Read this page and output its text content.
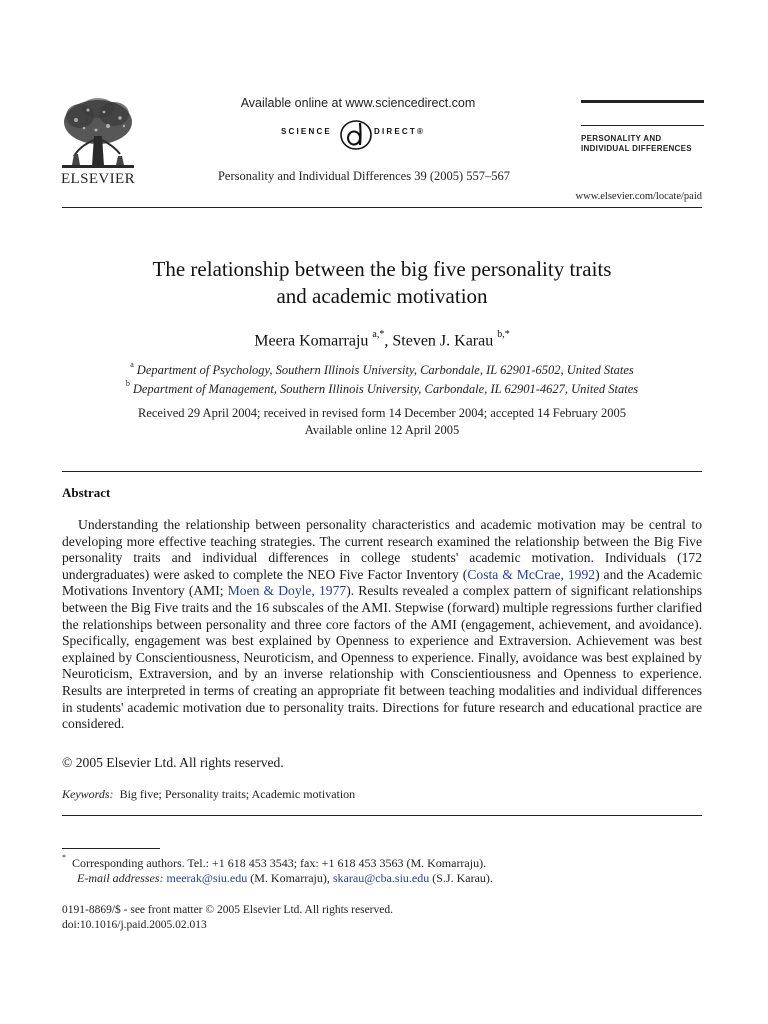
ELSEVIER
Available online at www.sciencedirect.com
SCIENCE	DIRECT®
Personality and Individual Differences 39 (2005) 557–567
PERSONALITY AND
INDIVIDUAL DIFFERENCES
www.elsevier.com/locate/paid
The relationship between the big five personality traits
and academic motivation
Meera Komarraju $^{a,*}$, Steven J. Karau $^{b,*}$
$^a$ Department of Psychology, Southern Illinois University, Carbondale, IL 62901-6502, United States
$^b$ Department of Management, Southern Illinois University, Carbondale, IL 62901-4627, United States
Received 29 April 2004; received in revised form 14 December 2004; accepted 14 February 2005
Available online 12 April 2005
Abstract

Understanding the relationship between personality characteristics and academic motivation may be central to developing more effective teaching strategies. The current research examined the relationship between the Big Five personality traits and individual differences in college students' academic motivation. Individuals (172 undergraduates) were asked to complete the NEO Five Factor Inventory (Costa & McCrae, 1992) and the Academic Motivations Inventory (AMI; Moen & Doyle, 1977). Results revealed a complex pattern of significant relationships between the Big Five traits and the 16 subscales of the AMI. Stepwise (forward) multiple regressions further clarified the relationships between personality and three core factors of the AMI (engagement, achievement, and avoidance). Specifically, engagement was best explained by Openness to experience and Extraversion. Achievement was best explained by Conscientiousness, Neuroticism, and Openness to experience. Finally, avoidance was best explained by Neuroticism, Extraversion, and by an inverse relationship with Conscientiousness and Openness to experience. Results are interpreted in terms of creating an appropriate fit between teaching modalities and individual differences in students' academic motivation due to personality traits. Directions for future research and educational practice are considered.

© 2005 Elsevier Ltd. All rights reserved.
Keywords: Big five; Personality traits; Academic motivation
* Corresponding authors. Tel.: +1 618 453 3543; fax: +1 618 453 3563 (M. Komarraju).
E-mail addresses: meerak@siu.edu (M. Komarraju), skarau@cba.siu.edu (S.J. Karau).
0191-8869/$ - see front matter © 2005 Elsevier Ltd. All rights reserved.
doi:10.1016/j.paid.2005.02.013
